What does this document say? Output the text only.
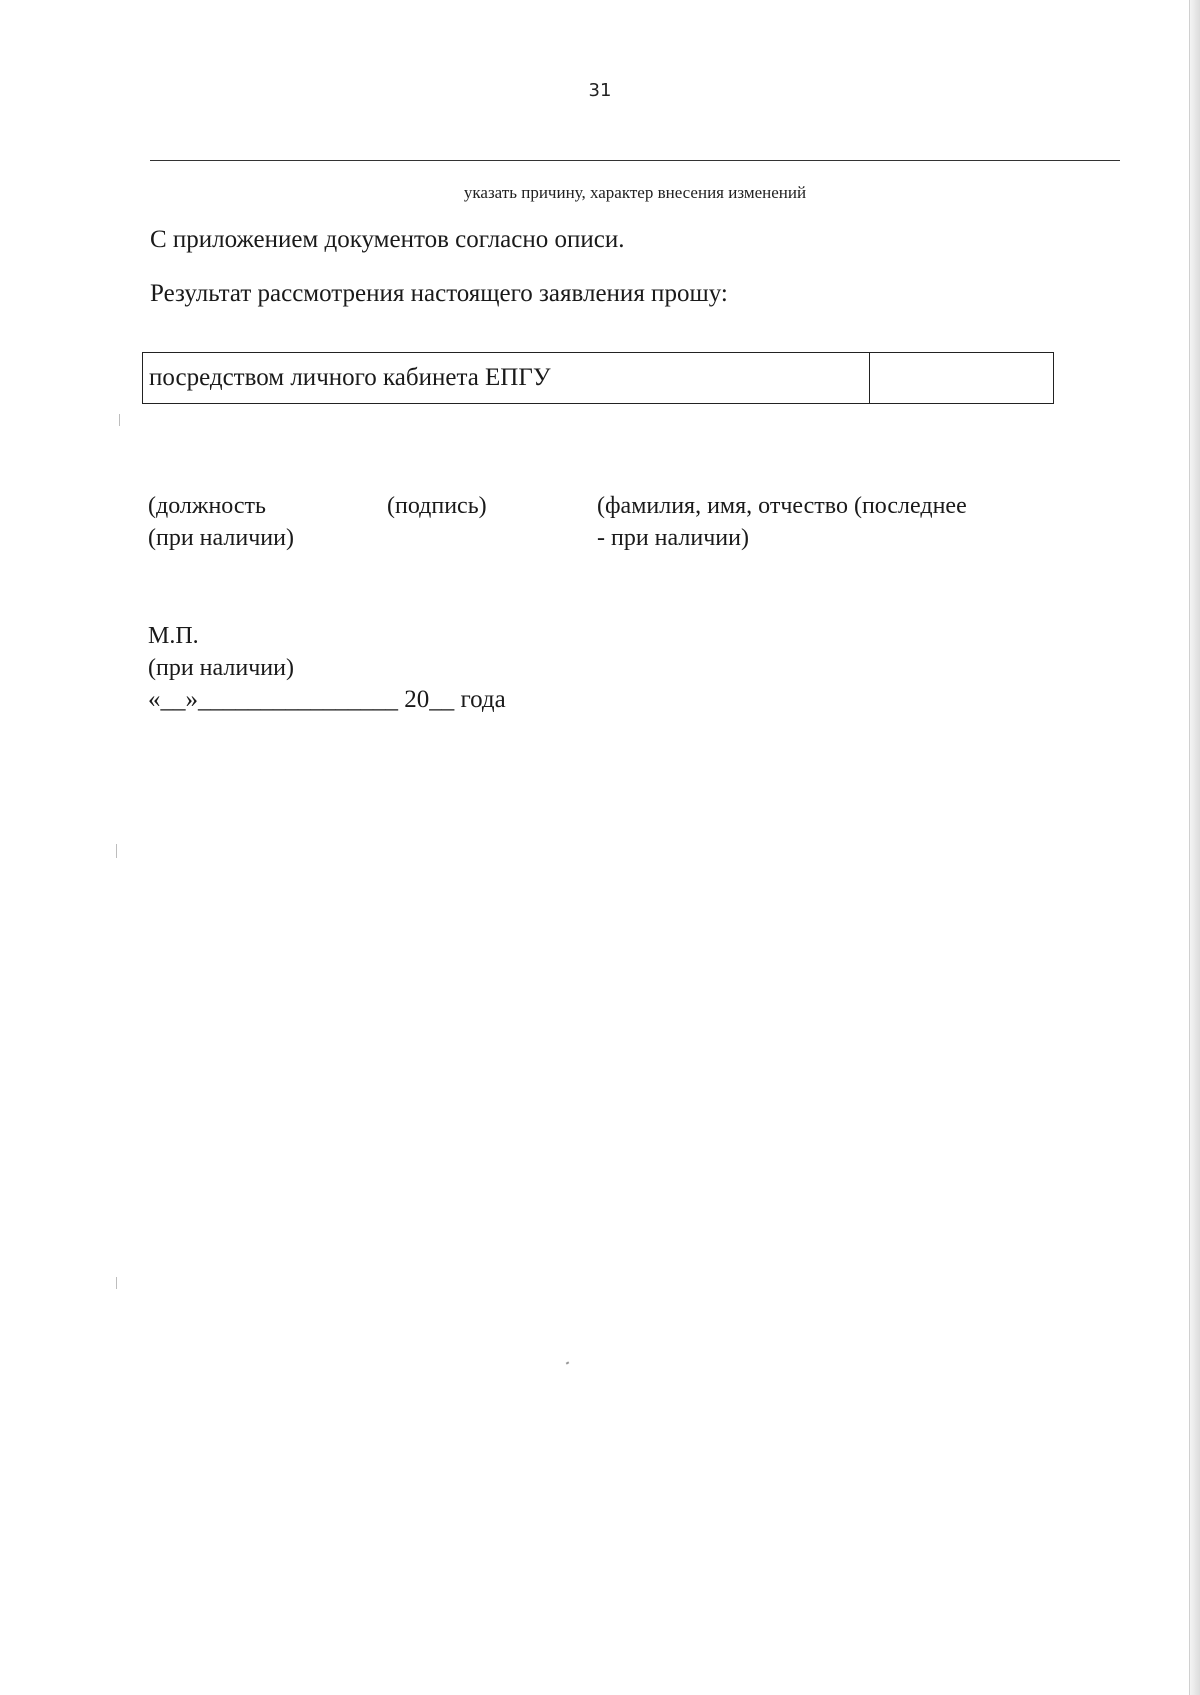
31
указать причину, характер внесения изменений
С приложением документов согласно описи.
Результат рассмотрения настоящего заявления прошу:
посредством личного кабинета ЕПГУ	
(должность
(при наличии)
(подпись)	(фамилия, имя, отчество (последнее
- при наличии)
М.П.
(при наличии)
«__»________________ 20__ года
